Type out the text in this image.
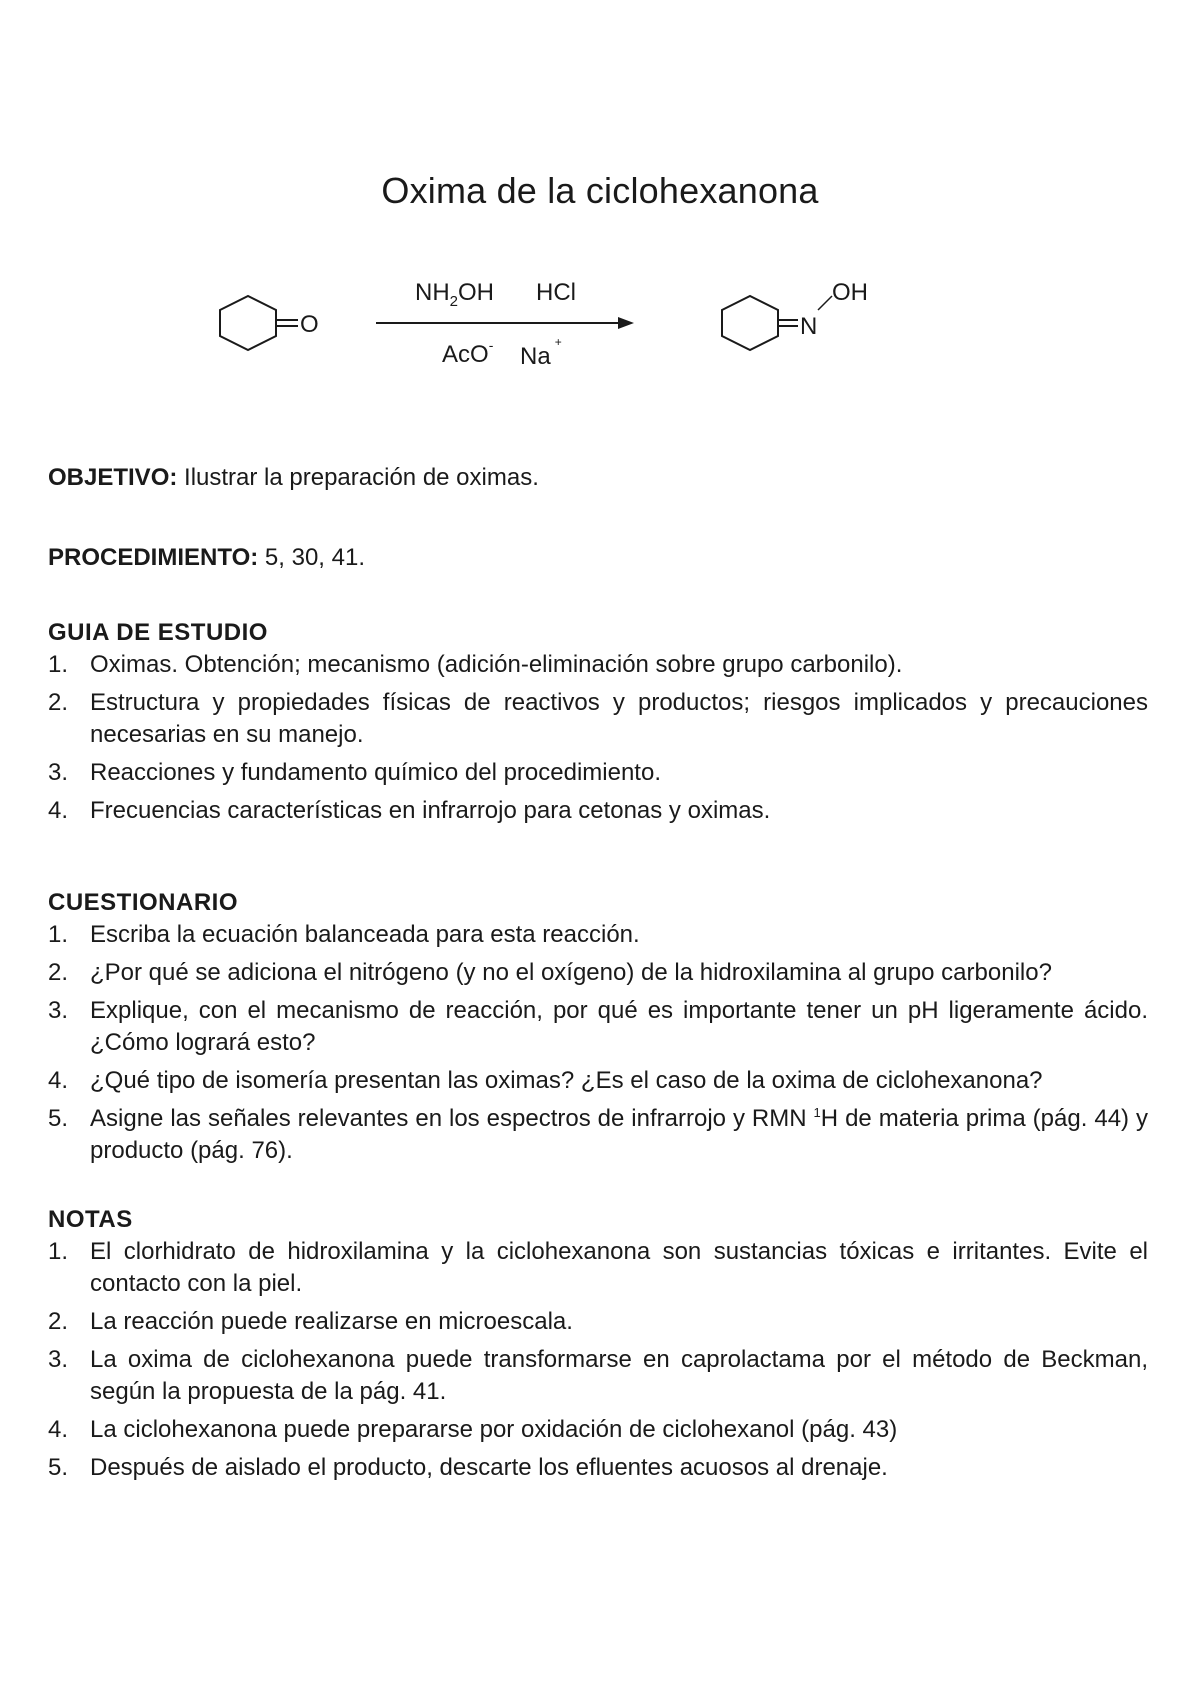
Oxima de la ciclohexanona
O
$NH_2OH$ HCl
AcO- Na+
N
OH
OBJETIVO: Ilustrar la preparación de oximas.
PROCEDIMIENTO: 5, 30, 41.
GUIA DE ESTUDIO
1. Oximas. Obtención; mecanismo (adición-eliminación sobre grupo carbonilo).
2. Estructura y propiedades físicas de reactivos y productos; riesgos implicados y precauciones necesarias en su manejo.
3. Reacciones y fundamento químico del procedimiento.
4. Frecuencias características en infrarrojo para cetonas y oximas.
CUESTIONARIO
1. Escriba la ecuación balanceada para esta reacción.
2. ¿Por qué se adiciona el nitrógeno (y no el oxígeno) de la hidroxilamina al grupo carbonilo?
3. Explique, con el mecanismo de reacción, por qué es importante tener un pH ligeramente ácido. ¿Cómo logrará esto?
4. ¿Qué tipo de isomería presentan las oximas? ¿Es el caso de la oxima de ciclohexanona?
5. Asigne las señales relevantes en los espectros de infrarrojo y RMN $^1$H de materia prima (pág. 44) y producto (pág. 76).
NOTAS
1. El clorhidrato de hidroxilamina y la ciclohexanona son sustancias tóxicas e irritantes. Evite el contacto con la piel.
2. La reacción puede realizarse en microescala.
3. La oxima de ciclohexanona puede transformarse en caprolactama por el método de Beckman, según la propuesta de la pág. 41.
4. La ciclohexanona puede prepararse por oxidación de ciclohexanol (pág. 43)
5. Después de aislado el producto, descarte los efluentes acuosos al drenaje.
